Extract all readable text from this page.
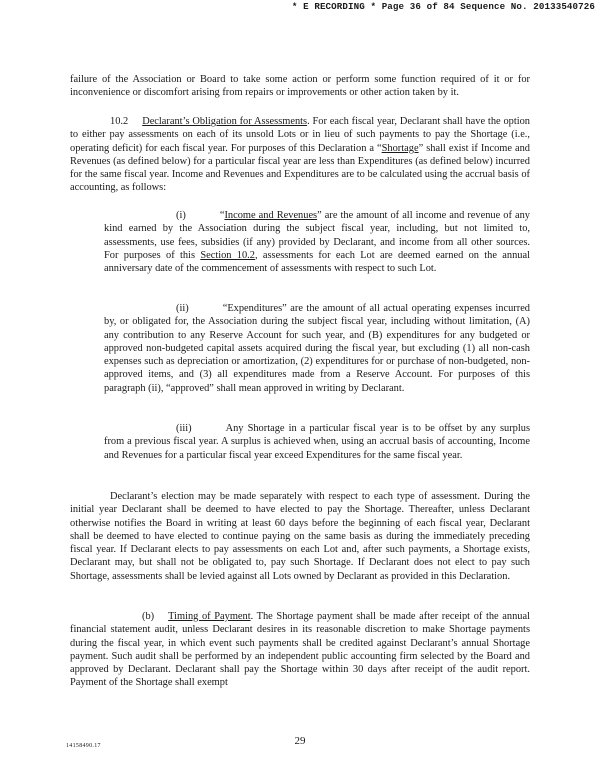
* E RECORDING * Page 36 of 84 Sequence No. 20133540726

failure of the Association or Board to take some action or perform some function required of it or for inconvenience or discomfort arising from repairs or improvements or other action taken by it.

10.2 Declarant’s Obligation for Assessments. For each fiscal year, Declarant shall have the option to either pay assessments on each of its unsold Lots or in lieu of such payments to pay the Shortage (i.e., operating deficit) for each fiscal year. For purposes of this Declaration a “Shortage” shall exist if Income and Revenues (as defined below) for a particular fiscal year are less than Expenditures (as defined below) incurred for the same fiscal year. Income and Revenues and Expenditures are to be calculated using the accrual basis of accounting, as follows:

(i)	“Income and Revenues” are the amount of all income and revenue of any kind earned by the Association during the subject fiscal year, including, but not limited to, assessments, use fees, subsidies (if any) provided by Declarant, and income from all other sources. For purposes of this Section 10.2, assessments for each Lot are deemed earned on the annual anniversary date of the commencement of assessments with respect to such Lot.

(ii)	“Expenditures” are the amount of all actual operating expenses incurred by, or obligated for, the Association during the subject fiscal year, including without limitation, (A) any contribution to any Reserve Account for such year, and (B) expenditures for any budgeted or approved non-budgeted capital assets acquired during the fiscal year, but excluding (1) all non-cash expenses such as depreciation or amortization, (2) expenditures for or purchase of non-budgeted, non-approved items, and (3) all expenditures made from a Reserve Account. For purposes of this paragraph (ii), “approved” shall mean approved in writing by Declarant.

(iii)	Any Shortage in a particular fiscal year is to be offset by any surplus from a previous fiscal year. A surplus is achieved when, using an accrual basis of accounting, Income and Revenues for a particular fiscal year exceed Expenditures for the same fiscal year.

Declarant’s election may be made separately with respect to each type of assessment. During the initial year Declarant shall be deemed to have elected to pay the Shortage. Thereafter, unless Declarant otherwise notifies the Board in writing at least 60 days before the beginning of each fiscal year, Declarant shall be deemed to have elected to continue paying on the same basis as during the immediately preceding fiscal year. If Declarant elects to pay assessments on each Lot and, after such payments, a Shortage exists, Declarant may, but shall not be obligated to, pay such Shortage. If Declarant does not elect to pay such Shortage, assessments shall be levied against all Lots owned by Declarant as provided in this Declaration.

(b) Timing of Payment. The Shortage payment shall be made after receipt of the annual financial statement audit, unless Declarant desires in its reasonable discretion to make Shortage payments during the fiscal year, in which event such payments shall be credited against Declarant’s annual Shortage payment. Such audit shall be performed by an independent public accounting firm selected by the Board and approved by Declarant. Declarant shall pay the Shortage within 30 days after receipt of the audit report. Payment of the Shortage shall exempt

14158490.17	29
